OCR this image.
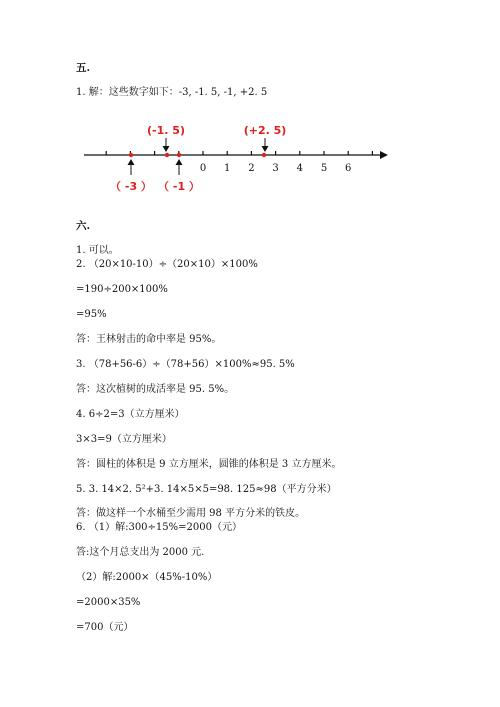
五.
1. 解：这些数字如下：-3, -1. 5, -1, +2. 5
0 1 2 3 4 5 6
(-1. 5)	(+2. 5)
（ -3 ） （ -1 ）
六.
1. 可以。
2. （20×10-10）÷（20×10）×100%
=190÷200×100%
=95%
答：王林射击的命中率是 95%。
3. （78+56-6）÷（78+56）×100%≈95. 5%
答：这次植树的成活率是 95. 5%。
4. 6÷2=3（立方厘米）
3×3=9（立方厘米）
答：圆柱的体积是 9 立方厘米，圆锥的体积是 3 立方厘米。
5. 3. 14×2. 5²+3. 14×5×5=98. 125≈98（平方分米）
答：做这样一个水桶至少需用 98 平方分米的铁皮。
6. （1）解:300÷15%=2000（元）
答:这个月总支出为 2000 元.
（2）解:2000×（45%-10%）
=2000×35%
=700（元）
